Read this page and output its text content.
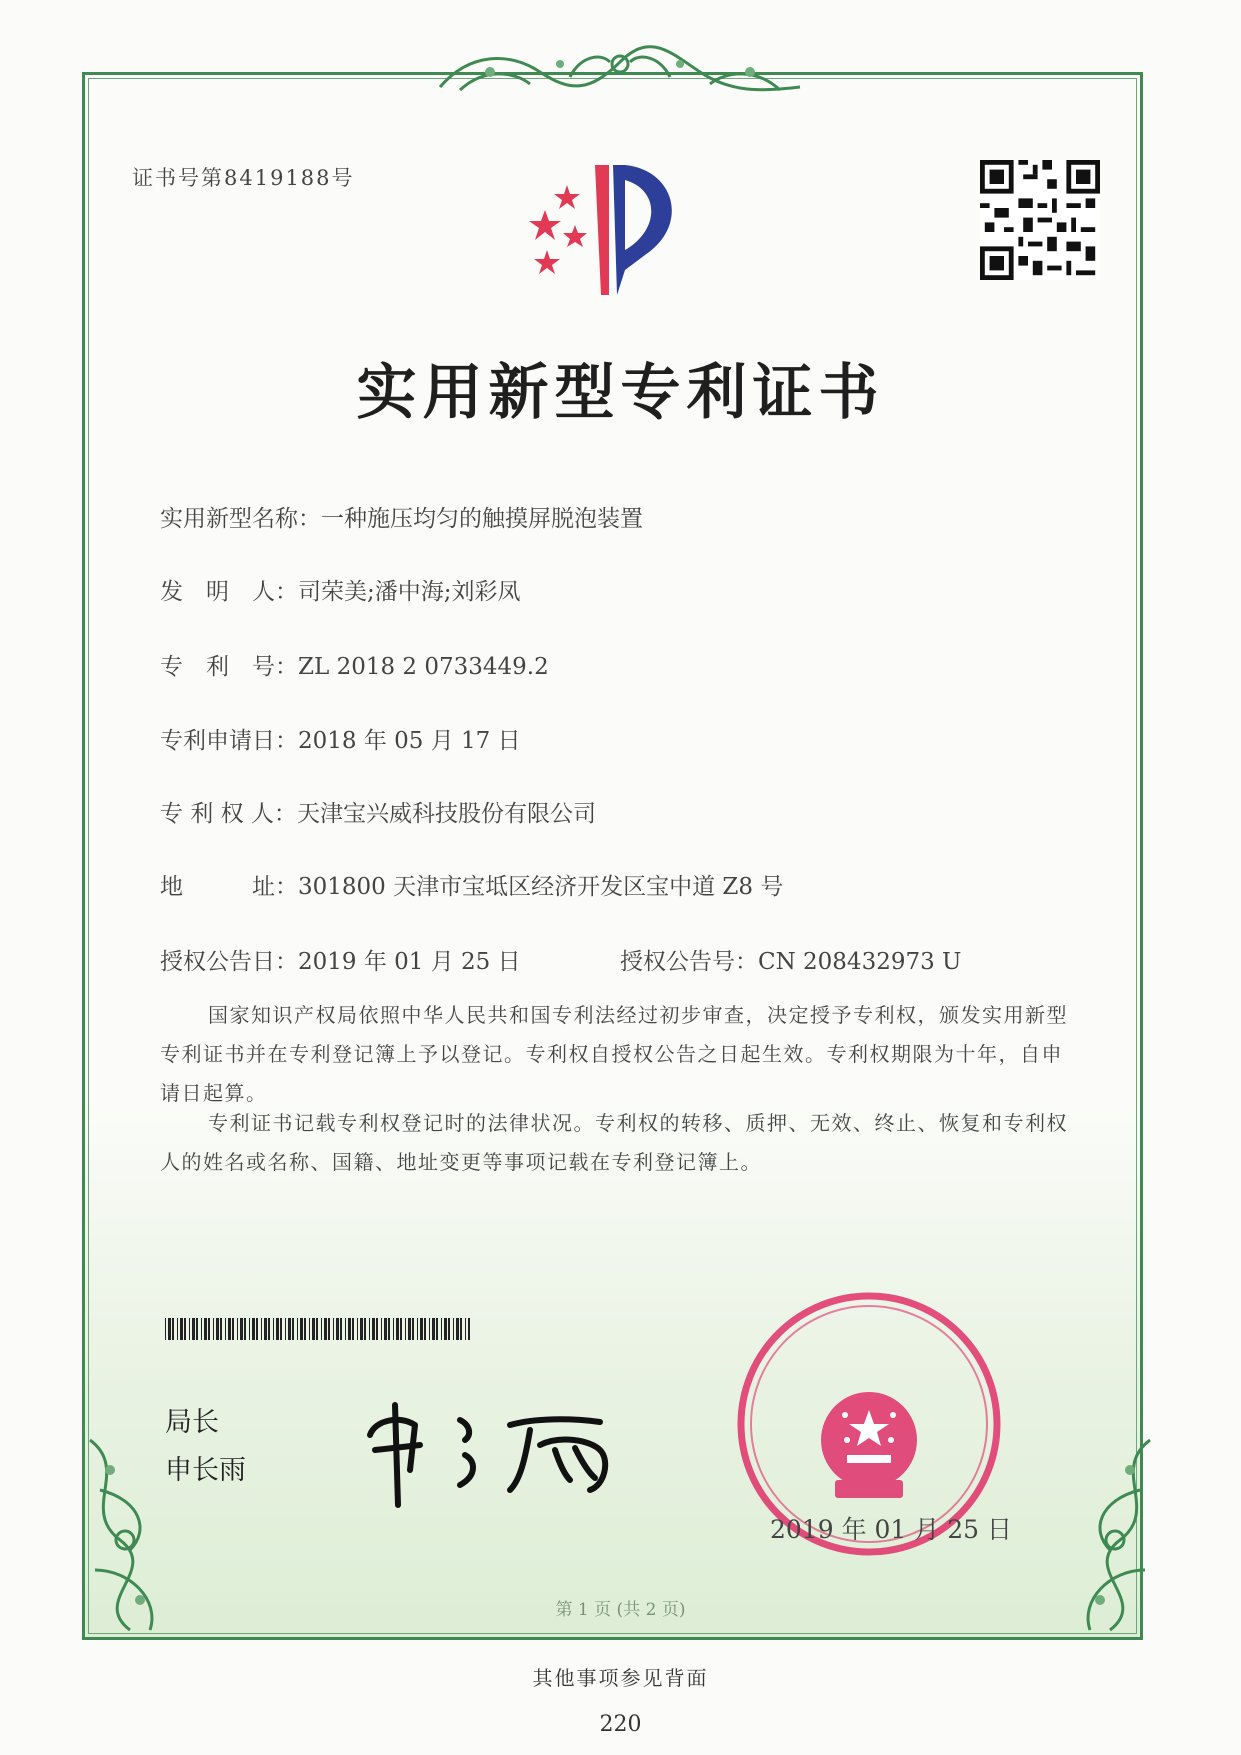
证书号第8419188号
实用新型专利证书
实用新型名称：一种施压均匀的触摸屏脱泡装置
发　明　人：司荣美;潘中海;刘彩凤
专　利　号：ZL 2018 2 0733449.2
专利申请日：2018 年 05 月 17 日
专 利 权 人：天津宝兴威科技股份有限公司
地　　　址：301800 天津市宝坻区经济开发区宝中道 Z8 号
授权公告日：2019 年 01 月 25 日	授权公告号：CN 208432973 U
国家知识产权局依照中华人民共和国专利法经过初步审查，决定授予专利权，颁发实用新型专利证书并在专利登记簿上予以登记。专利权自授权公告之日起生效。专利权期限为十年，自申请日起算。
专利证书记载专利权登记时的法律状况。专利权的转移、质押、无效、终止、恢复和专利权人的姓名或名称、国籍、地址变更等事项记载在专利登记簿上。
局长
申长雨
2019 年 01 月 25 日
第 1 页 (共 2 页)
其他事项参见背面
220
